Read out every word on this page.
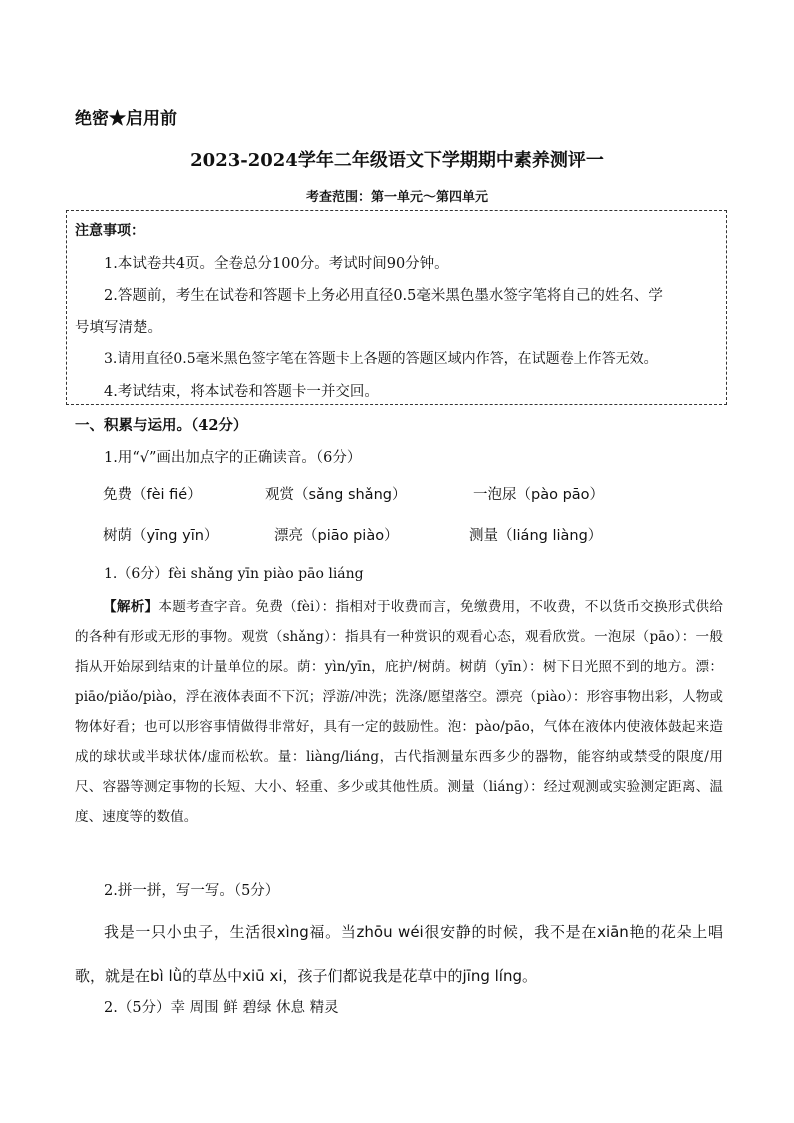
绝密★启用前
2023-2024学年二年级语文下学期期中素养测评一
考查范围：第一单元～第四单元
注意事项：
1.本试卷共4页。全卷总分100分。考试时间90分钟。
2.答题前，考生在试卷和答题卡上务必用直径0.5毫米黑色墨水签字笔将自己的姓名、学
号填写清楚。
3.请用直径0.5毫米黑色签字笔在答题卡上各题的答题区域内作答，在试题卷上作答无效。
4.考试结束，将本试卷和答题卡一并交回。
一、积累与运用。（42分）
1.用“√”画出加点字的正确读音。（6分）
免费（fèi fié）	观赏（sǎng shǎng）	一泡尿（pào pāo）
树荫（yīng yīn）	漂亮（piāo piào）	测量（liáng liàng）
1.（6分）fèi shǎng yīn piào pāo liáng
【解析】本题考查字音。免费（fèi）：指相对于收费而言，免缴费用，不收费，不以货币交换形式供给的各种有形或无形的事物。观赏（shǎng）：指具有一种赏识的观看心态，观看欣赏。一泡尿（pāo）：一般指从开始尿到结束的计量单位的尿。荫：yìn/yīn，庇护/树荫。树荫（yīn）：树下日光照不到的地方。漂：piāo/piǎo/piào，浮在液体表面不下沉；浮游/冲洗；洗涤/愿望落空。漂亮（piào）：形容事物出彩，人物或物体好看；也可以形容事情做得非常好，具有一定的鼓励性。泡：pào/pāo，气体在液体内使液体鼓起来造成的球状或半球状体/虚而松软。量：liàng/liáng，古代指测量东西多少的器物，能容纳或禁受的限度/用尺、容器等测定事物的长短、大小、轻重、多少或其他性质。测量（liáng）：经过观测或实验测定距离、温度、速度等的数值。
2.拼一拼，写一写。（5分）
我是一只小虫子，生活很xìng福。当zhōu wéi很安静的时候，我不是在xiān艳的花朵上唱歌，就是在bì lǜ的草丛中xiū xi，孩子们都说我是花草中的jīng líng。
2.（5分）幸 周围 鲜 碧绿 休息 精灵
